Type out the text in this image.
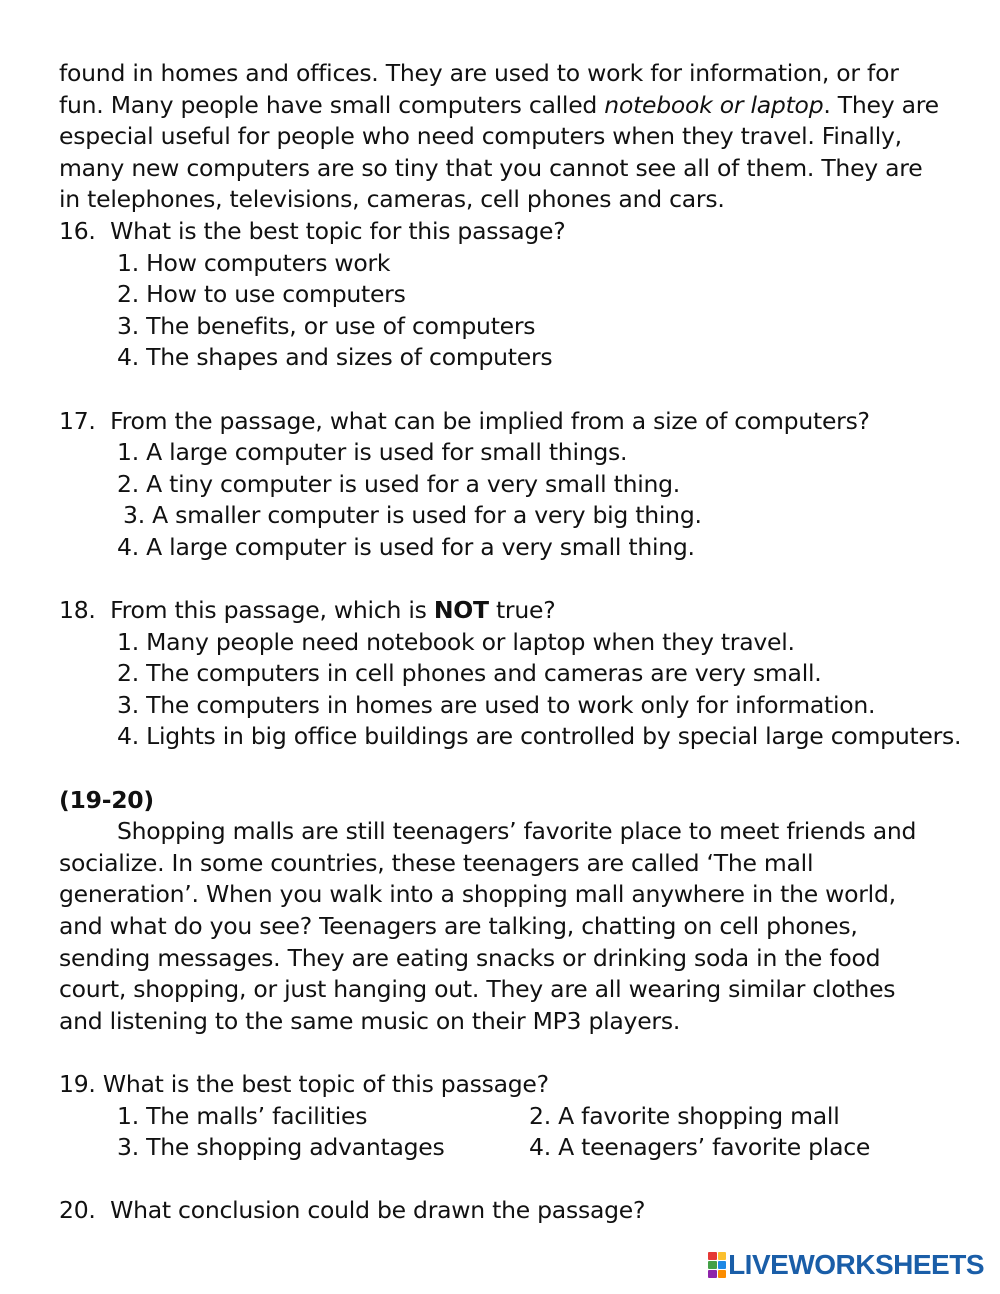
found in homes and offices. They are used to work for information, or for
fun. Many people have small computers called notebook or laptop. They are
especial useful for people who need computers when they travel. Finally,
many new computers are so tiny that you cannot see all of them. They are
in telephones, televisions, cameras, cell phones and cars.
16. What is the best topic for this passage?
1. How computers work
2. How to use computers
3. The benefits, or use of computers
4. The shapes and sizes of computers
17. From the passage, what can be implied from a size of computers?
1. A large computer is used for small things.
2. A tiny computer is used for a very small thing.
3. A smaller computer is used for a very big thing.
4. A large computer is used for a very small thing.
18. From this passage, which is NOT true?
1. Many people need notebook or laptop when they travel.
2. The computers in cell phones and cameras are very small.
3. The computers in homes are used to work only for information.
4. Lights in big office buildings are controlled by special large computers.
(19-20)
Shopping malls are still teenagers’ favorite place to meet friends and
socialize. In some countries, these teenagers are called ‘The mall
generation’. When you walk into a shopping mall anywhere in the world,
and what do you see? Teenagers are talking, chatting on cell phones,
sending messages. They are eating snacks or drinking soda in the food
court, shopping, or just hanging out. They are all wearing similar clothes
and listening to the same music on their MP3 players.
19. What is the best topic of this passage?
1. The malls’ facilities	2. A favorite shopping mall
3. The shopping advantages	4. A teenagers’ favorite place
20. What conclusion could be drawn the passage?
LIVEWORKSHEETS
